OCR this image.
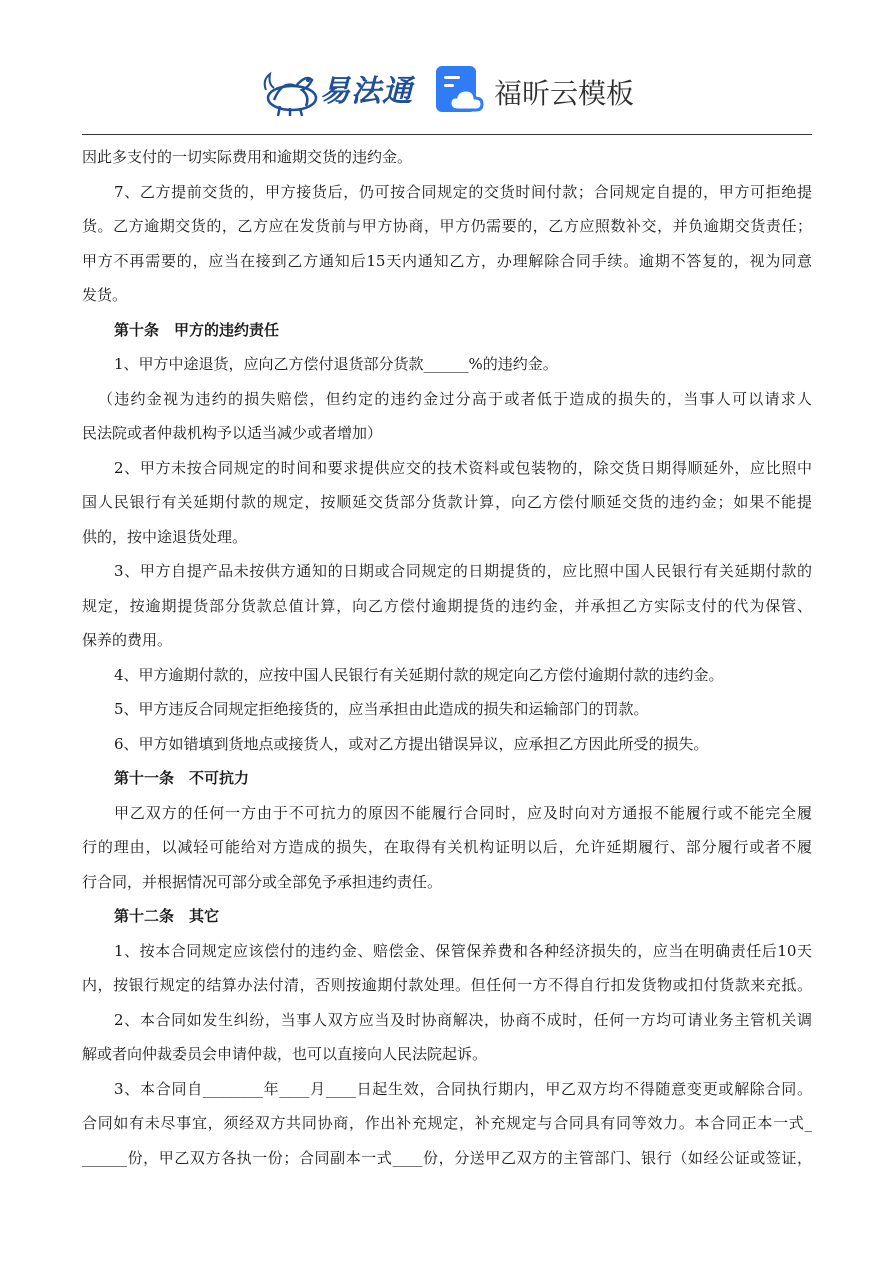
易法通	福昕云模板
因此多支付的一切实际费用和逾期交货的违约金。
7、乙方提前交货的，甲方接货后，仍可按合同规定的交货时间付款；合同规定自提的，甲方可拒绝提
货。乙方逾期交货的，乙方应在发货前与甲方协商，甲方仍需要的，乙方应照数补交，并负逾期交货责任；
甲方不再需要的，应当在接到乙方通知后15天内通知乙方，办理解除合同手续。逾期不答复的，视为同意
发货。
第十条　甲方的违约责任
1、甲方中途退货，应向乙方偿付退货部分货款______%的违约金。
（违约金视为违约的损失赔偿，但约定的违约金过分高于或者低于造成的损失的，当事人可以请求人
民法院或者仲裁机构予以适当减少或者增加）
2、甲方未按合同规定的时间和要求提供应交的技术资料或包装物的，除交货日期得顺延外，应比照中
国人民银行有关延期付款的规定，按顺延交货部分货款计算，向乙方偿付顺延交货的违约金；如果不能提
供的，按中途退货处理。
3、甲方自提产品未按供方通知的日期或合同规定的日期提货的，应比照中国人民银行有关延期付款的
规定，按逾期提货部分货款总值计算，向乙方偿付逾期提货的违约金，并承担乙方实际支付的代为保管、
保养的费用。
4、甲方逾期付款的，应按中国人民银行有关延期付款的规定向乙方偿付逾期付款的违约金。
5、甲方违反合同规定拒绝接货的，应当承担由此造成的损失和运输部门的罚款。
6、甲方如错填到货地点或接货人，或对乙方提出错误异议，应承担乙方因此所受的损失。
第十一条　不可抗力
甲乙双方的任何一方由于不可抗力的原因不能履行合同时，应及时向对方通报不能履行或不能完全履
行的理由，以减轻可能给对方造成的损失，在取得有关机构证明以后，允许延期履行、部分履行或者不履
行合同，并根据情况可部分或全部免予承担违约责任。
第十二条　其它
1、按本合同规定应该偿付的违约金、赔偿金、保管保养费和各种经济损失的，应当在明确责任后10天
内，按银行规定的结算办法付清，否则按逾期付款处理。但任何一方不得自行扣发货物或扣付货款来充抵。
2、本合同如发生纠纷，当事人双方应当及时协商解决，协商不成时，任何一方均可请业务主管机关调
解或者向仲裁委员会申请仲裁，也可以直接向人民法院起诉。
3、本合同自________年____月____日起生效，合同执行期内，甲乙双方均不得随意变更或解除合同。
合同如有未尽事宜，须经双方共同协商，作出补充规定，补充规定与合同具有同等效力。本合同正本一式_
______份，甲乙双方各执一份；合同副本一式____份，分送甲乙双方的主管部门、银行（如经公证或签证，
